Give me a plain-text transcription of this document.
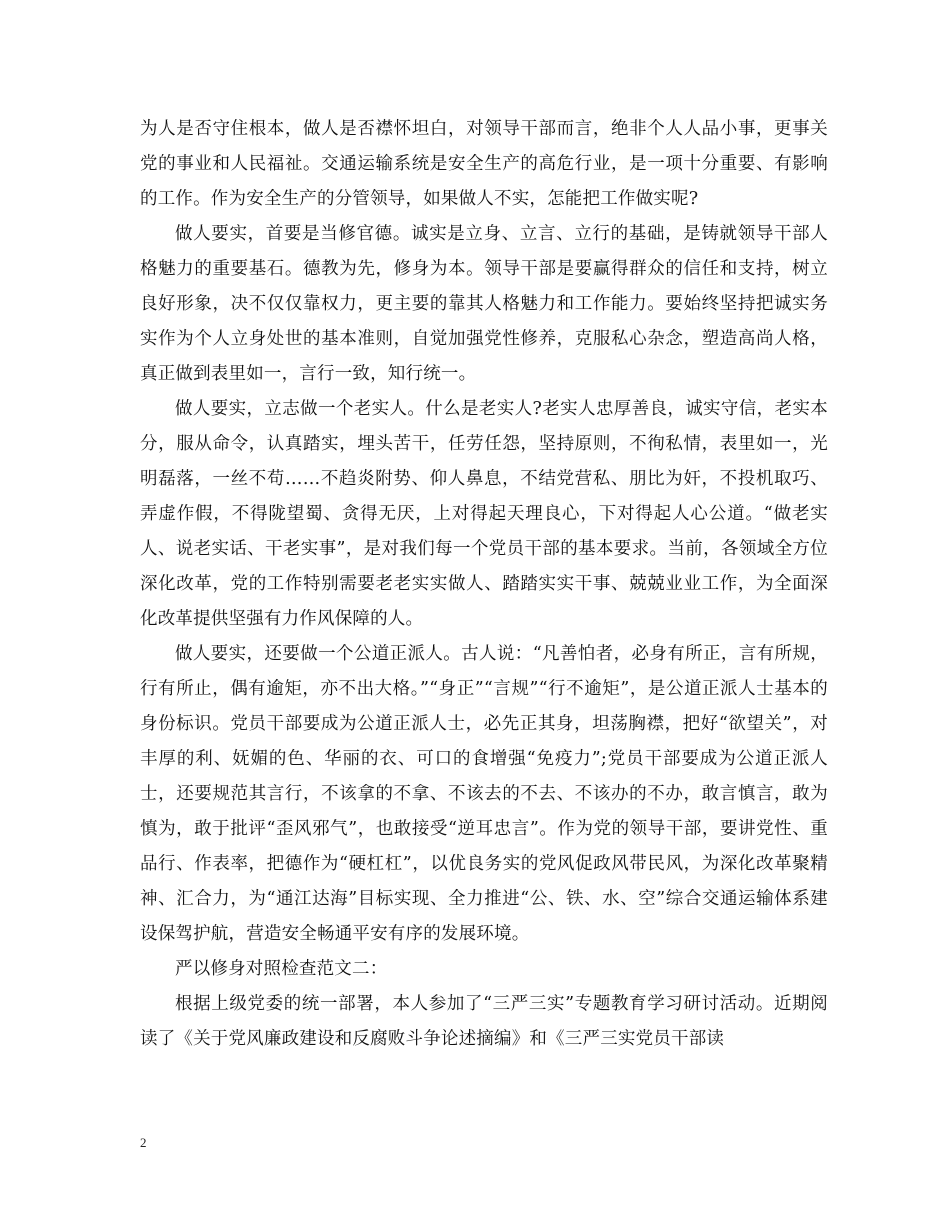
为人是否守住根本，做人是否襟怀坦白，对领导干部而言，绝非个人人品小事，更事关党的事业和人民福祉。交通运输系统是安全生产的高危行业，是一项十分重要、有影响的工作。作为安全生产的分管领导，如果做人不实，怎能把工作做实呢?

做人要实，首要是当修官德。诚实是立身、立言、立行的基础，是铸就领导干部人格魅力的重要基石。德教为先，修身为本。领导干部是要赢得群众的信任和支持，树立良好形象，决不仅仅靠权力，更主要的靠其人格魅力和工作能力。要始终坚持把诚实务实作为个人立身处世的基本准则，自觉加强党性修养，克服私心杂念，塑造高尚人格，真正做到表里如一，言行一致，知行统一。

做人要实，立志做一个老实人。什么是老实人?老实人忠厚善良，诚实守信，老实本分，服从命令，认真踏实，埋头苦干，任劳任怨，坚持原则，不徇私情，表里如一，光明磊落，一丝不苟……不趋炎附势、仰人鼻息，不结党营私、朋比为奸，不投机取巧、弄虚作假，不得陇望蜀、贪得无厌，上对得起天理良心，下对得起人心公道。“做老实人、说老实话、干老实事”，是对我们每一个党员干部的基本要求。当前，各领域全方位深化改革，党的工作特别需要老老实实做人、踏踏实实干事、兢兢业业工作，为全面深化改革提供坚强有力作风保障的人。

做人要实，还要做一个公道正派人。古人说：“凡善怕者，必身有所正，言有所规，行有所止，偶有逾矩，亦不出大格。”“身正”“言规”“行不逾矩”，是公道正派人士基本的身份标识。党员干部要成为公道正派人士，必先正其身，坦荡胸襟，把好“欲望关”，对丰厚的利、妩媚的色、华丽的衣、可口的食增强“免疫力”;党员干部要成为公道正派人士，还要规范其言行，不该拿的不拿、不该去的不去、不该办的不办，敢言慎言，敢为慎为，敢于批评“歪风邪气”，也敢接受“逆耳忠言”。作为党的领导干部，要讲党性、重品行、作表率，把德作为“硬杠杠”，以优良务实的党风促政风带民风，为深化改革聚精神、汇合力，为“通江达海”目标实现、全力推进“公、铁、水、空”综合交通运输体系建设保驾护航，营造安全畅通平安有序的发展环境。

严以修身对照检查范文二：

根据上级党委的统一部署，本人参加了“三严三实”专题教育学习研讨活动。近期阅读了《关于党风廉政建设和反腐败斗争论述摘编》和《三严三实党员干部读

2
